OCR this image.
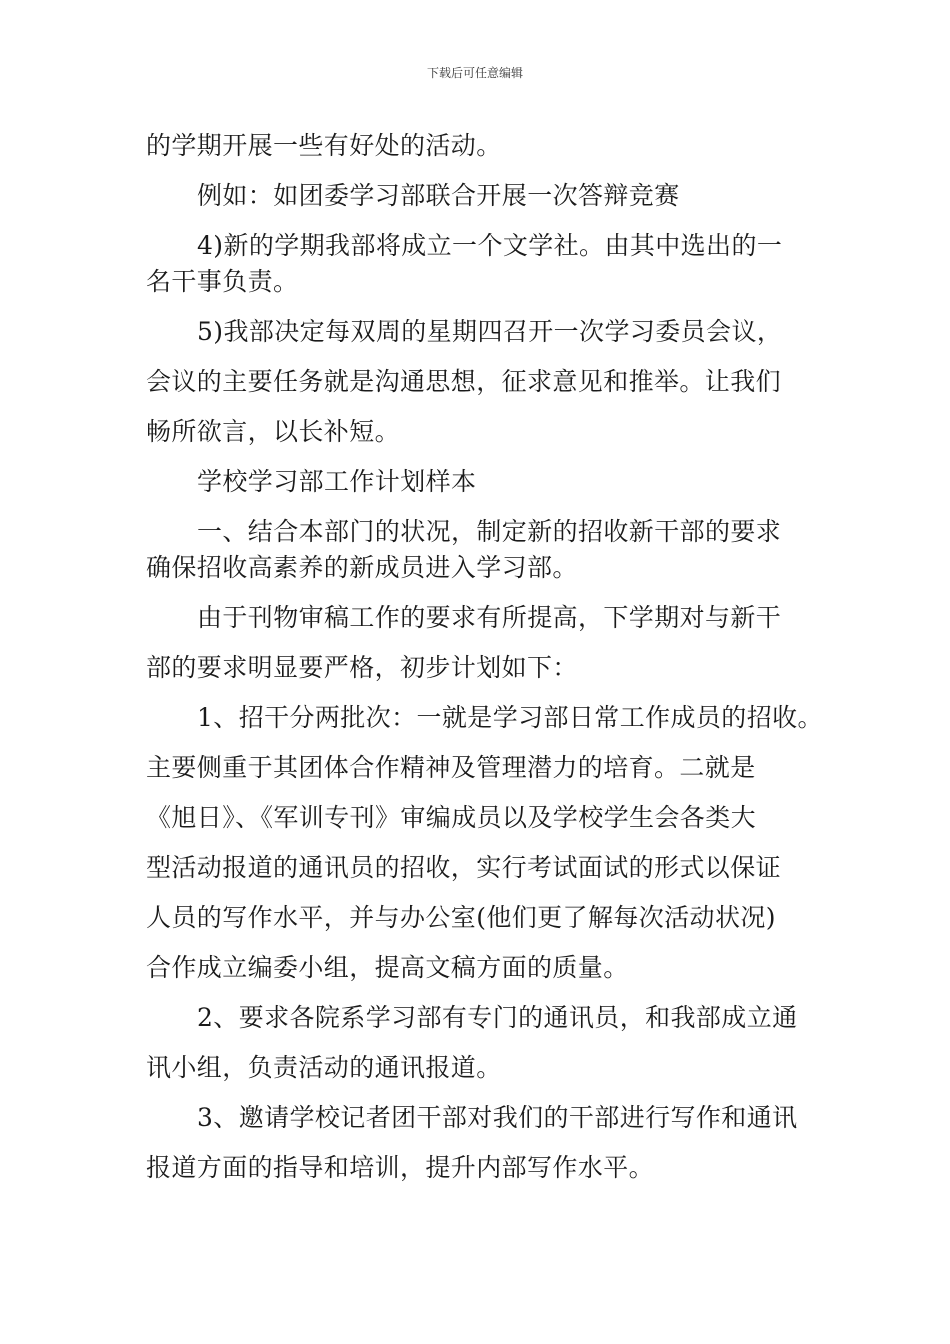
下载后可任意编辑
的学期开展一些有好处的活动。
例如：如团委学习部联合开展一次答辩竞赛
4)新的学期我部将成立一个文学社。由其中选出的一
名干事负责。
5)我部决定每双周的星期四召开一次学习委员会议，
会议的主要任务就是沟通思想，征求意见和推举。让我们
畅所欲言，以长补短。
学校学习部工作计划样本
一、结合本部门的状况，制定新的招收新干部的要求
确保招收高素养的新成员进入学习部。
由于刊物审稿工作的要求有所提高，下学期对与新干
部的要求明显要严格，初步计划如下：
1、招干分两批次：一就是学习部日常工作成员的招收。
主要侧重于其团体合作精神及管理潜力的培育。二就是
《旭日》、《军训专刊》审编成员以及学校学生会各类大
型活动报道的通讯员的招收，实行考试面试的形式以保证
人员的写作水平，并与办公室(他们更了解每次活动状况)
合作成立编委小组，提高文稿方面的质量。
2、要求各院系学习部有专门的通讯员，和我部成立通
讯小组，负责活动的通讯报道。
3、邀请学校记者团干部对我们的干部进行写作和通讯
报道方面的指导和培训，提升内部写作水平。
